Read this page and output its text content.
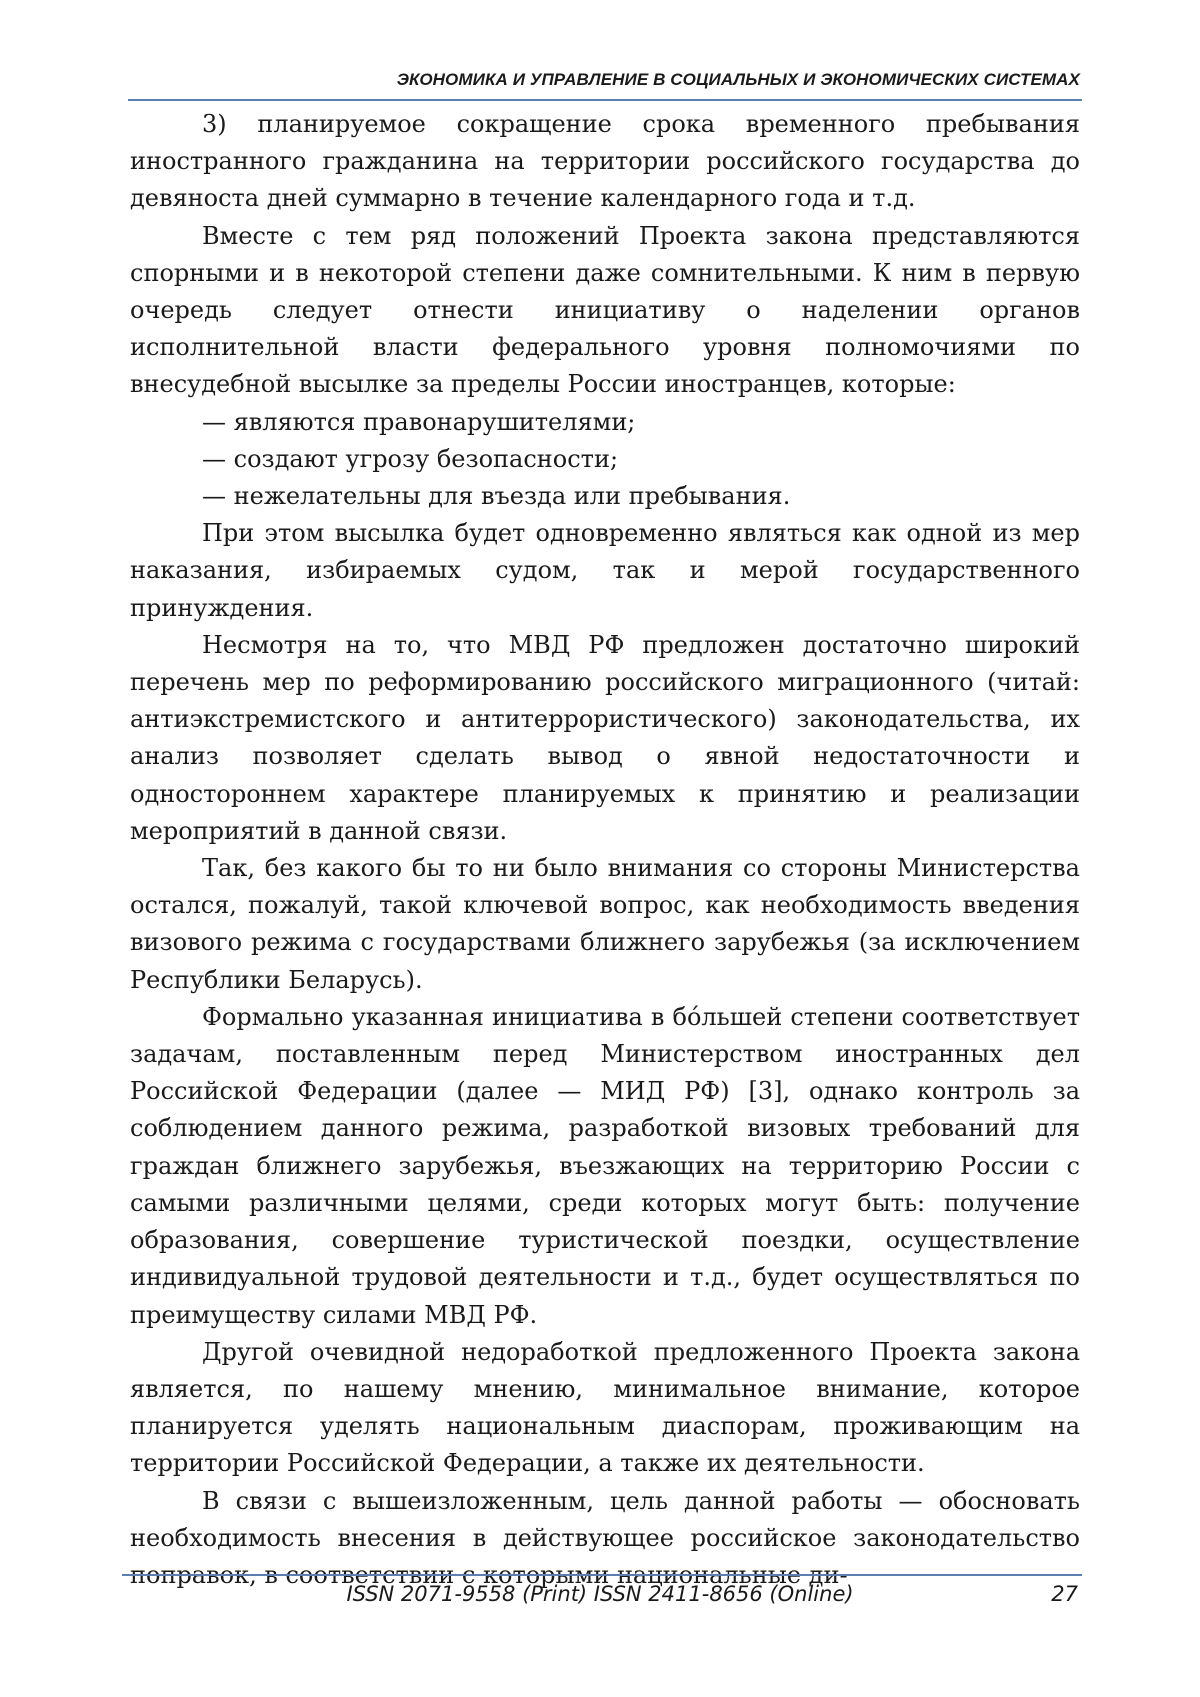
ЭКОНОМИКА И УПРАВЛЕНИЕ В СОЦИАЛЬНЫХ И ЭКОНОМИЧЕСКИХ СИСТЕМАХ

3) планируемое сокращение срока временного пребывания иностранного гражданина на территории российского государства до девяноста дней суммарно в течение календарного года и т.д.

Вместе с тем ряд положений Проекта закона представляются спорными и в некоторой степени даже сомнительными. К ним в первую очередь следует отнести инициативу о наделении органов исполнительной власти федерального уровня полномочиями по внесудебной высылке за пределы России иностранцев, которые:

— являются правонарушителями;

— создают угрозу безопасности;

— нежелательны для въезда или пребывания.

При этом высылка будет одновременно являться как одной из мер наказания, избираемых судом, так и мерой государственного принуждения.

Несмотря на то, что МВД РФ предложен достаточно широкий перечень мер по реформированию российского миграционного (читай: антиэкстремистского и антитеррористического) законодательства, их анализ позволяет сделать вывод о явной недостаточности и одностороннем характере планируемых к принятию и реализации мероприятий в данной связи.

Так, без какого бы то ни было внимания со стороны Министерства остался, пожалуй, такой ключевой вопрос, как необходимость введения визового режима с государствами ближнего зарубежья (за исключением Республики Беларусь).

Формально указанная инициатива в бо́льшей степени соответствует задачам, поставленным перед Министерством иностранных дел Российской Федерации (далее — МИД РФ) [3], однако контроль за соблюдением данного режима, разработкой визовых требований для граждан ближнего зарубежья, въезжающих на территорию России с самыми различными целями, среди которых могут быть: получение образования, совершение туристической поездки, осуществление индивидуальной трудовой деятельности и т.д., будет осуществляться по преимуществу силами МВД РФ.

Другой очевидной недоработкой предложенного Проекта закона является, по нашему мнению, минимальное внимание, которое планируется уделять национальным диаспорам, проживающим на территории Российской Федерации, а также их деятельности.

В связи с вышеизложенным, цель данной работы — обосновать необходимость внесения в действующее российское законодательство поправок, в соответствии с которыми национальные ди-

ISSN 2071-9558 (Print) ISSN 2411-8656 (Online)	27
